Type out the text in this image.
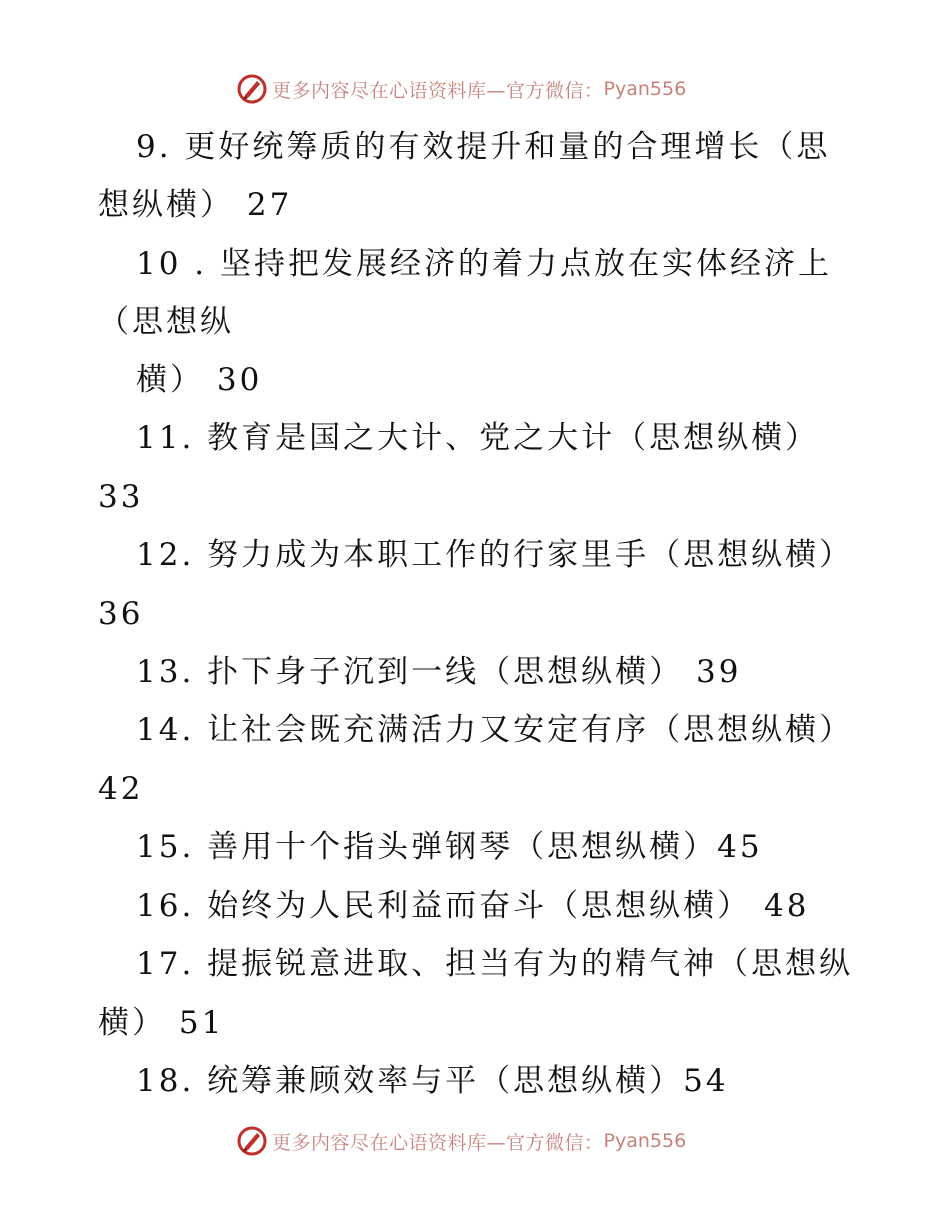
更多内容尽在心语资料库—官方微信： Pyan556
9. 更好统筹质的有效提升和量的合理增长（思
想纵横） 27
10 . 坚持把发展经济的着力点放在实体经济上
（思想纵
横） 30
11. 教育是国之大计、党之大计（思想纵横）
33
12. 努力成为本职工作的行家里手（思想纵横）
36
13. 扑下身子沉到一线（思想纵横） 39
14. 让社会既充满活力又安定有序（思想纵横）
42
15. 善用十个指头弹钢琴（思想纵横）45
16. 始终为人民利益而奋斗（思想纵横） 48
17. 提振锐意进取、担当有为的精气神（思想纵
横） 51
18. 统筹兼顾效率与平（思想纵横）54
更多内容尽在心语资料库—官方微信： Pyan556
